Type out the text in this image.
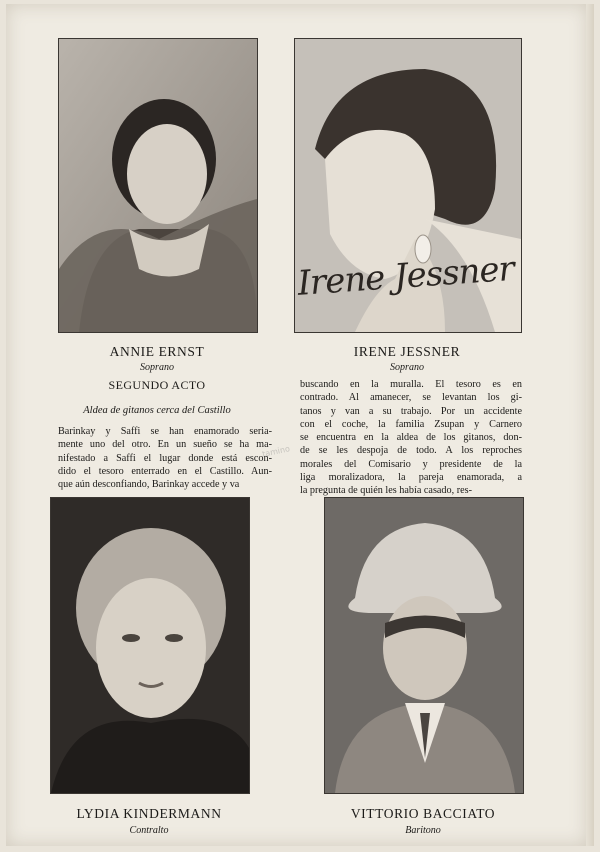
Irene Jessner
ANNIE ERNST
Soprano
IRENE JESSNER
Soprano
SEGUNDO ACTO
Aldea de gitanos cerca del Castillo
Barinkay y Saffi se han enamorado seria-
mente uno del otro. En un sueño se ha ma-
nifestado a Saffi el lugar donde está escon-
dido el tesoro enterrado en el Castillo. Aun-
que aún desconfiando, Barinkay accede y va
buscando en la muralla. El tesoro es en
contrado. Al amanecer, se levantan los gi-
tanos y van a su trabajo. Por un accidente
con el coche, la familia Zsupan y Carnero
se encuentra en la aldea de los gitanos, don-
de se les despoja de todo. A los reproches
morales del Comisario y presidente de la
liga moralizadora, la pareja enamorada, a
la pregunta de quién les había casado, res-
tamino
LYDIA KINDERMANN
Contralto
VITTORIO BACCIATO
Baritono
